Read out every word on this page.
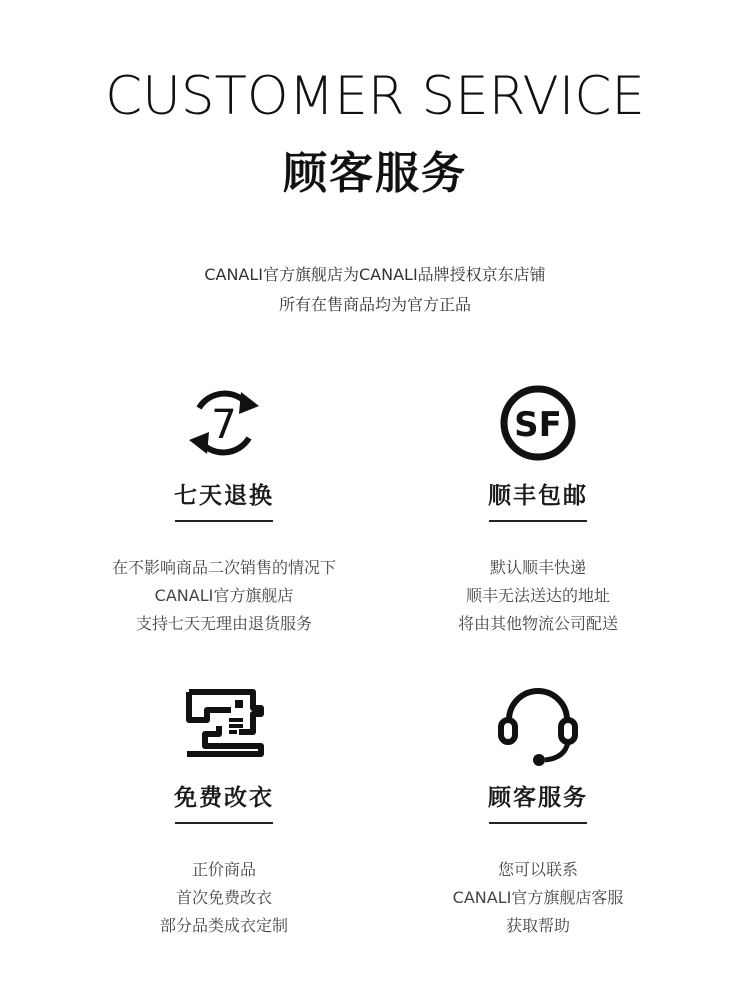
CUSTOMER SERVICE
顾客服务
CANALI官方旗舰店为CANALI品牌授权京东店铺
所有在售商品均为官方正品
7
七天退换
在不影响商品二次销售的情况下
CANALI官方旗舰店
支持七天无理由退货服务
SF
顺丰包邮
默认顺丰快递
顺丰无法送达的地址
将由其他物流公司配送
免费改衣
正价商品
首次免费改衣
部分品类成衣定制
顾客服务
您可以联系
CANALI官方旗舰店客服
获取帮助
